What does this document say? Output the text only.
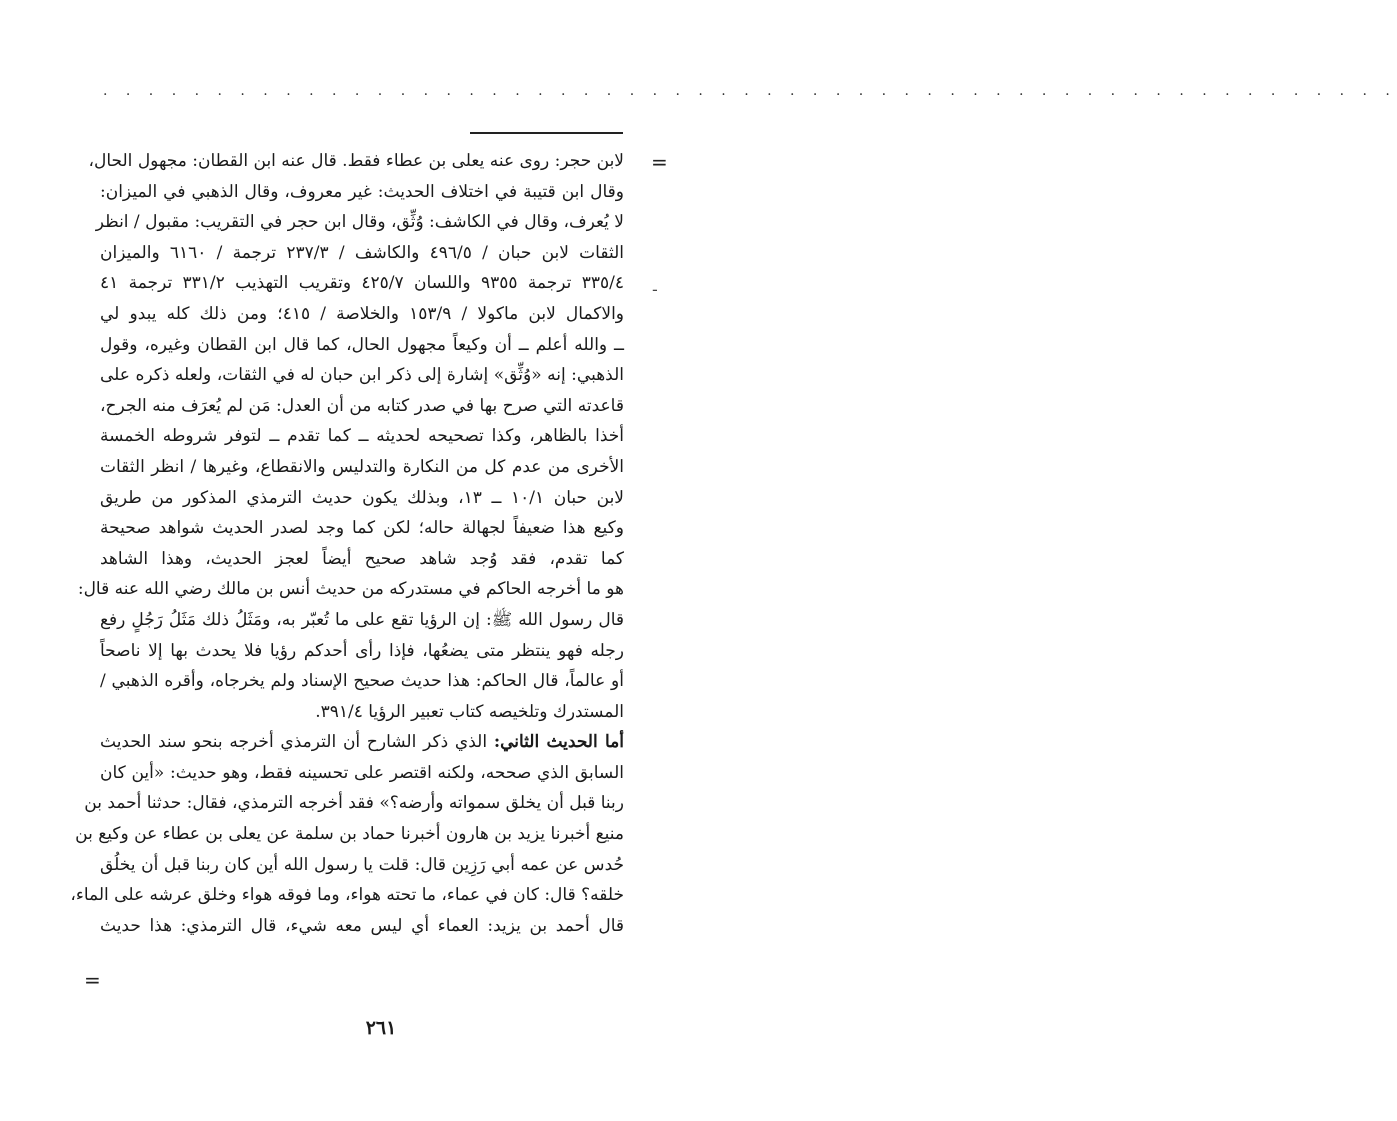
. . . . . . . . . . . . . . . . . . . . . . . . . . . . . . . . . . . . . . . . . . . . . . . . . . . . . . . . .
=
-
=
لابن حجر: روى عنه يعلى بن عطاء فقط. قال عنه ابن القطان: مجهول الحال،
وقال ابن قتيبة في اختلاف الحديث: غير معروف، وقال الذهبي في الميزان:
لا يُعرف، وقال في الكاشف: وُثِّق، وقال ابن حجر في التقريب: مقبول / انظر
الثقات لابن حبان / ٤٩٦/٥ والكاشف / ٢٣٧/٣ ترجمة / ٦١٦٠ والميزان
٣٣٥/٤ ترجمة ٩٣٥٥ واللسان ٤٢٥/٧ وتقريب التهذيب ٣٣١/٢ ترجمة ٤١
والاكمال لابن ماكولا / ١٥٣/٩ والخلاصة / ٤١٥؛ ومن ذلك كله يبدو لي
ــ والله أعلم ــ أن وكيعاً مجهول الحال، كما قال ابن القطان وغيره، وقول
الذهبي: إنه «وُثِّق» إشارة إلى ذكر ابن حبان له في الثقات، ولعله ذكره على
قاعدته التي صرح بها في صدر كتابه من أن العدل: مَن لم يُعرَف منه الجرح،
أخذا بالظاهر، وكذا تصحيحه لحديثه ــ كما تقدم ــ لتوفر شروطه الخمسة
الأخرى من عدم كل من النكارة والتدليس والانقطاع، وغيرها / انظر الثقات
لابن حبان ١٠/١ ــ ١٣، وبذلك يكون حديث الترمذي المذكور من طريق
وكيع هذا ضعيفاً لجهالة حاله؛ لكن كما وجد لصدر الحديث شواهد صحيحة
كما تقدم، فقد وُجد شاهد صحيح أيضاً لعجز الحديث، وهذا الشاهد
هو ما أخرجه الحاكم في مستدركه من حديث أنس بن مالك رضي الله عنه قال:
قال رسول الله ﷺ: إن الرؤيا تقع على ما تُعبّر به، ومَثَلُ ذلك مَثَلُ رَجُلٍ رفع
رجله فهو ينتظر متى يضعُها، فإذا رأى أحدكم رؤيا فلا يحدث بها إلا ناصحاً
أو عالماً، قال الحاكم: هذا حديث صحيح الإسناد ولم يخرجاه، وأقره الذهبي /
المستدرك وتلخيصه كتاب تعبير الرؤيا ٣٩١/٤.
أما الحديث الثاني: الذي ذكر الشارح أن الترمذي أخرجه بنحو سند الحديث
السابق الذي صححه، ولكنه اقتصر على تحسينه فقط، وهو حديث: «أين كان
ربنا قبل أن يخلق سمواته وأرضه؟» فقد أخرجه الترمذي، فقال: حدثنا أحمد بن
منيع أخبرنا يزيد بن هارون أخبرنا حماد بن سلمة عن يعلى بن عطاء عن وكيع بن
حُدس عن عمه أبي رَزِين قال: قلت يا رسول الله أين كان ربنا قبل أن يخلُق
خلقه؟ قال: كان في عماء، ما تحته هواء، وما فوقه هواء وخلق عرشه على الماء،
قال أحمد بن يزيد: العماء أي ليس معه شيء، قال الترمذي: هذا حديث
٢٦١
